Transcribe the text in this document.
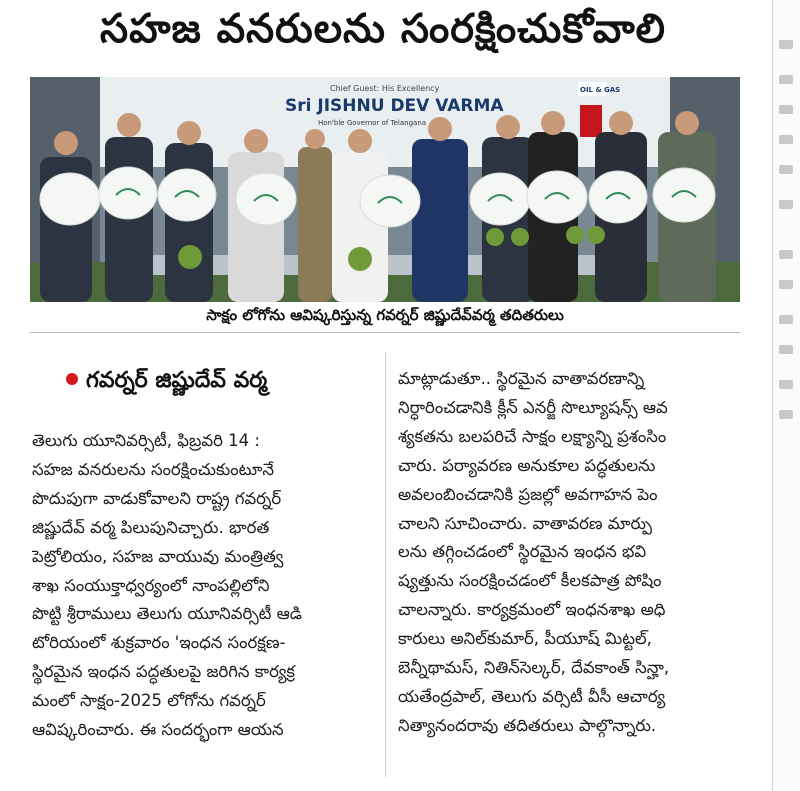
సహజ వనరులను సంరక్షించుకోవాలి
Chief Guest: His Excellency
Sri JISHNU DEV VARMA
Hon'ble Governor of Telangana
OIL & GAS
సాక్షం లోగోను ఆవిష్కరిస్తున్న గవర్నర్ జిష్ణుదేవ్‌వర్మ తదితరులు
గవర్నర్ జిష్ణుదేవ్ వర్మ
తెలుగు యూనివర్సిటీ, ఫిబ్రవరి 14 :
సహజ వనరులను సంరక్షించుకుంటూనే
పొదుపుగా వాడుకోవాలని రాష్ట్ర గవర్నర్
జిష్ణుదేవ్ వర్మ పిలుపునిచ్చారు. భారత
పెట్రోలియం, సహజ వాయువు మంత్రిత్వ
శాఖ సంయుక్తాధ్వర్యంలో నాంపల్లిలోని
పొట్టి శ్రీరాములు తెలుగు యూనివర్సిటీ ఆడి
టోరియంలో శుక్రవారం 'ఇంధన సంరక్షణ-
స్థిరమైన ఇంధన పద్ధతులపై జరిగిన కార్యక్ర
మంలో సాక్షం-2025 లోగోను గవర్నర్
ఆవిష్కరించారు. ఈ సందర్భంగా ఆయన
మాట్లాడుతూ.. స్థిరమైన వాతావరణాన్ని
నిర్ధారించడానికి క్లీన్ ఎనర్జీ సొల్యూషన్స్ ఆవ
శ్యకతను బలపరిచే సాక్షం లక్ష్యాన్ని ప్రశంసిం
చారు. పర్యావరణ అనుకూల పద్ధతులను
అవలంబించడానికి ప్రజల్లో అవగాహన పెం
చాలని సూచించారు. వాతావరణ మార్పు
లను తగ్గించడంలో స్థిరమైన ఇంధన భవి
ష్యత్తును సంరక్షించడంలో కీలకపాత్ర పోషిం
చాలన్నారు. కార్యక్రమంలో ఇంధనశాఖ అధి
కారులు అనిల్‌కుమార్, పీయూష్ మిట్టల్,
బెన్నీథామస్, నితిన్‌సెల్కర్, దేవకాంత్ సిన్హా,
యతేంద్రపాల్, తెలుగు వర్సిటీ వీసీ ఆచార్య
నిత్యానందరావు తదితరులు పాల్గొన్నారు.
